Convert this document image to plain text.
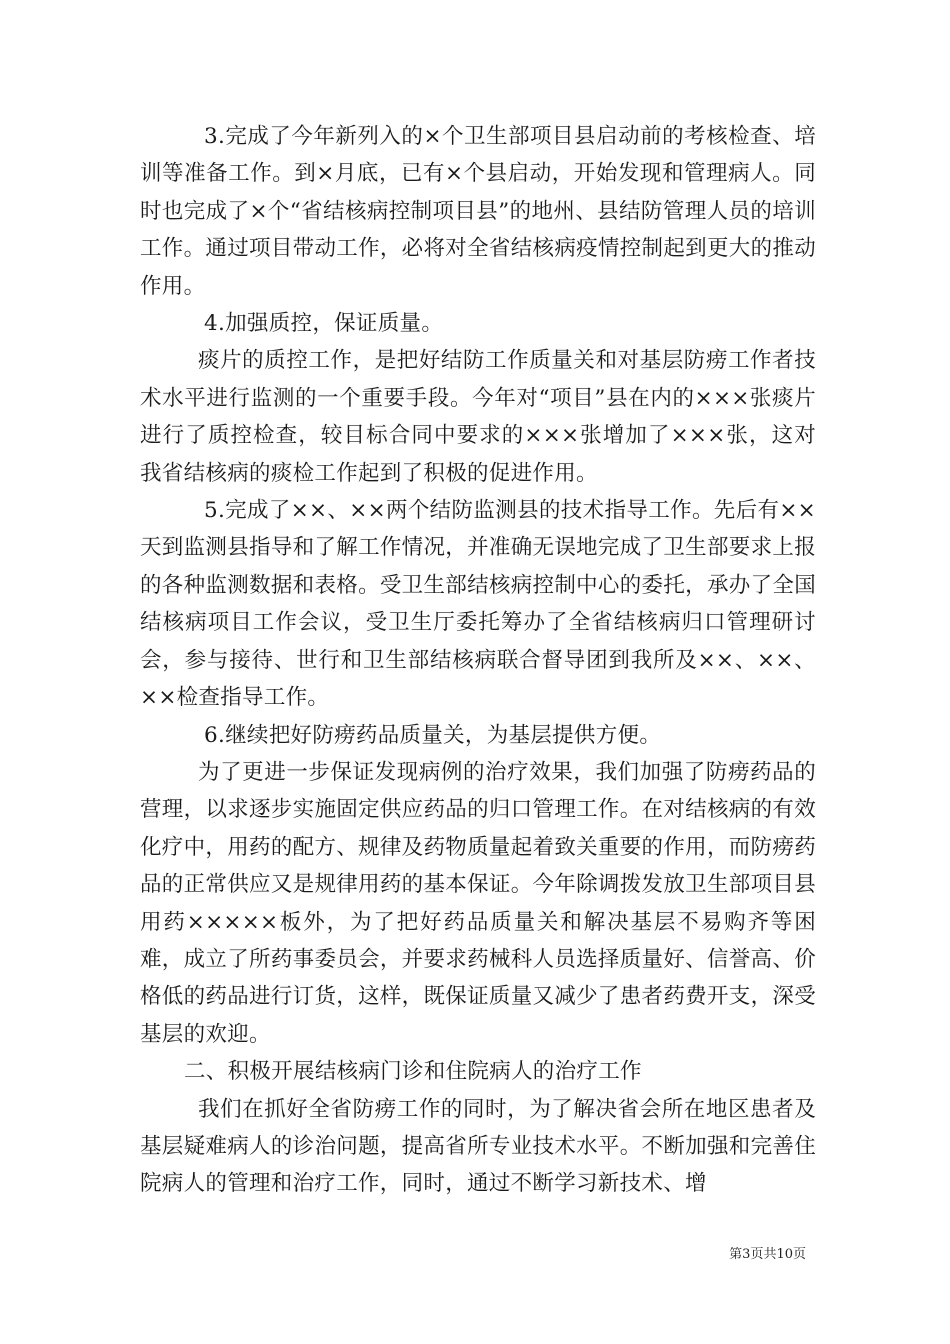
3.完成了今年新列入的×个卫生部项目县启动前的考核检查、培训等准备工作。到×月底，已有×个县启动，开始发现和管理病人。同时也完成了×个“省结核病控制项目县”的地州、县结防管理人员的培训工作。通过项目带动工作，必将对全省结核病疫情控制起到更大的推动作用。

4.加强质控，保证质量。

痰片的质控工作，是把好结防工作质量关和对基层防痨工作者技术水平进行监测的一个重要手段。今年对“项目”县在内的×××张痰片进行了质控检查，较目标合同中要求的×××张增加了×××张，这对我省结核病的痰检工作起到了积极的促进作用。

5.完成了××、××两个结防监测县的技术指导工作。先后有××天到监测县指导和了解工作情况，并准确无误地完成了卫生部要求上报的各种监测数据和表格。受卫生部结核病控制中心的委托，承办了全国结核病项目工作会议，受卫生厅委托筹办了全省结核病归口管理研讨会，参与接待、世行和卫生部结核病联合督导团到我所及××、××、××检查指导工作。

6.继续把好防痨药品质量关，为基层提供方便。

为了更进一步保证发现病例的治疗效果，我们加强了防痨药品的营理，以求逐步实施固定供应药品的归口管理工作。在对结核病的有效化疗中，用药的配方、规律及药物质量起着致关重要的作用，而防痨药品的正常供应又是规律用药的基本保证。今年除调拨发放卫生部项目县用药×××××板外，为了把好药品质量关和解决基层不易购齐等困难，成立了所药事委员会，并要求药械科人员选择质量好、信誉高、价格低的药品进行订货，这样，既保证质量又减少了患者药费开支，深受基层的欢迎。

二、积极开展结核病门诊和住院病人的治疗工作

我们在抓好全省防痨工作的同时，为了解决省会所在地区患者及基层疑难病人的诊治问题，提高省所专业技术水平。不断加强和完善住院病人的管理和治疗工作，同时，通过不断学习新技术、增

第3页共10页
